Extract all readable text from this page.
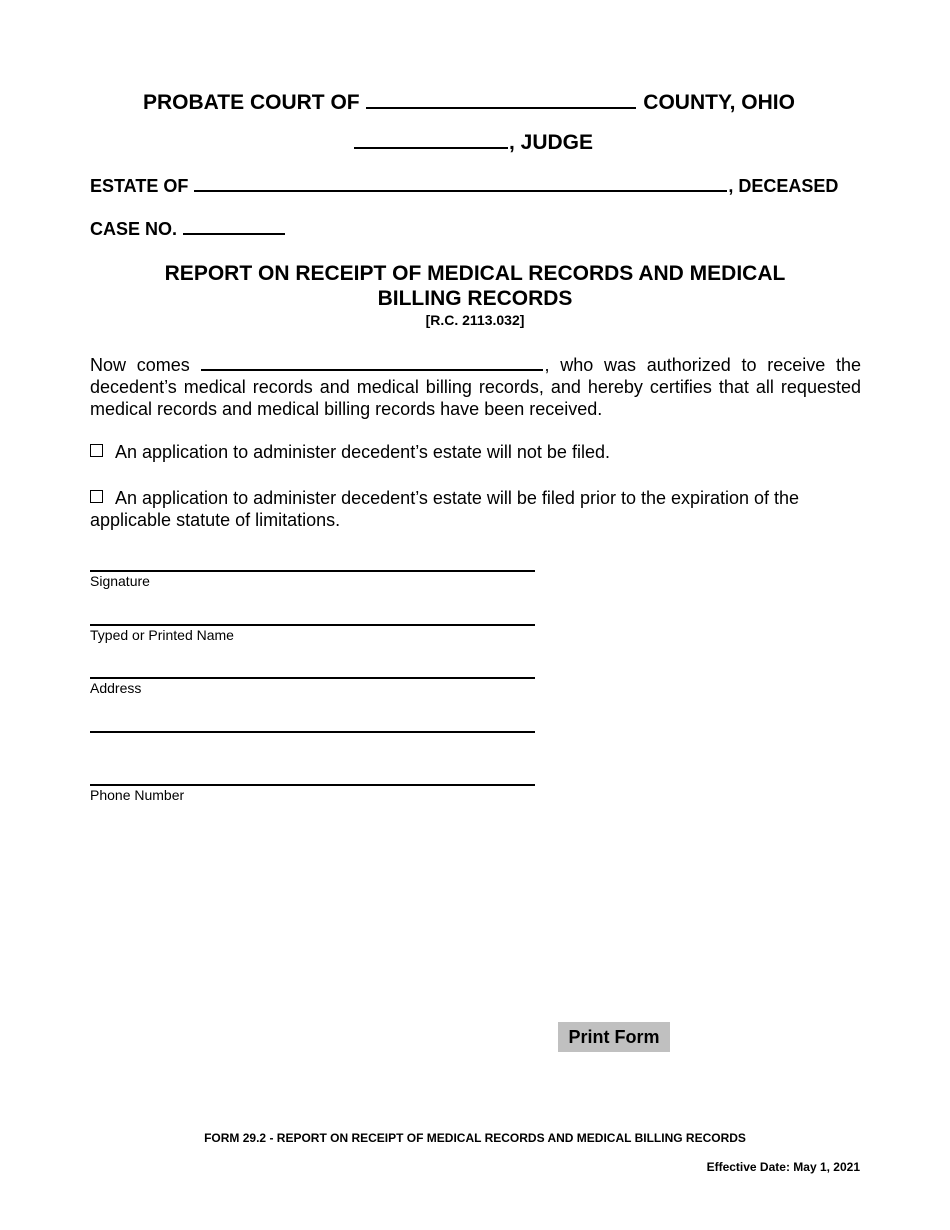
PROBATE COURT OF	COUNTY, OHIO
, JUDGE
ESTATE OF	, DECEASED
CASE NO.
REPORT ON RECEIPT OF MEDICAL RECORDS AND MEDICAL
BILLING RECORDS
[R.C. 2113.032]
Now comes	, who was authorized to receive the decedent’s medical records and medical billing records, and hereby certifies that all requested medical records and medical billing records have been received.
An application to administer decedent’s estate will not be filed.
An application to administer decedent’s estate will be filed prior to the expiration of the applicable statute of limitations.
Signature
Typed or Printed Name
Address
Phone Number
Print Form
FORM 29.2 - REPORT ON RECEIPT OF MEDICAL RECORDS AND MEDICAL BILLING RECORDS
Effective Date: May 1, 2021
